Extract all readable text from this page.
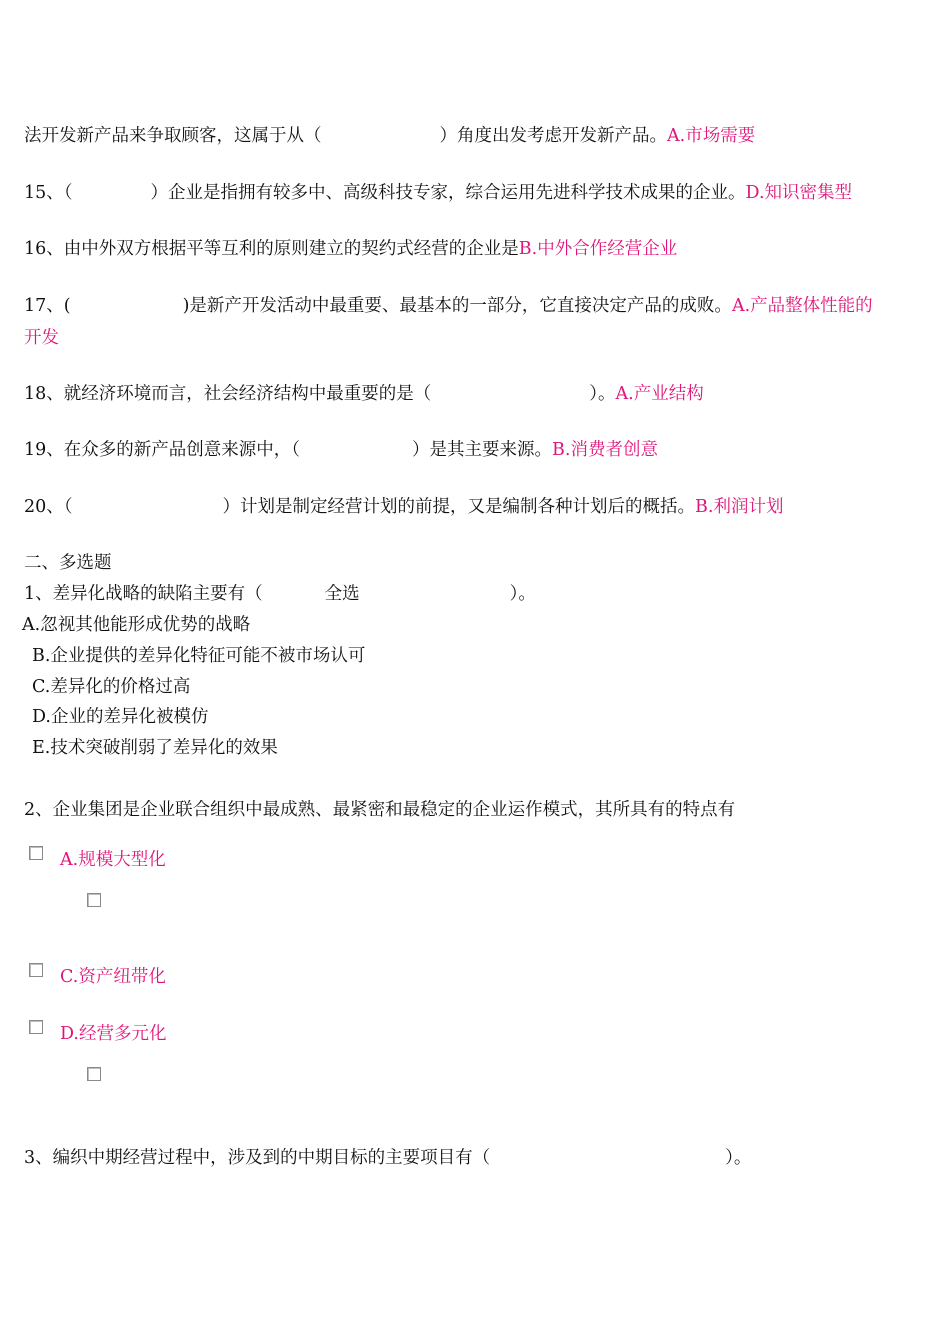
法开发新产品来争取顾客，这属于从（	）角度出发考虑开发新产品。A.市场需要
15、（	）企业是指拥有较多中、高级科技专家，综合运用先进科学技术成果的企业。D.知识密集型
16、由中外双方根据平等互利的原则建立的契约式经营的企业是B.中外合作经营企业
17、(	)是新产开发活动中最重要、最基本的一部分，它直接决定产品的成败。A.产品整体性能的
开发
18、就经济环境而言，社会经济结构中最重要的是（	）。A.产业结构
19、在众多的新产品创意来源中，（	）是其主要来源。B.消费者创意
20、（	）计划是制定经营计划的前提，又是编制各种计划后的概括。B.利润计划
二、多选题
1、差异化战略的缺陷主要有（	全选	）。
A.忽视其他能形成优势的战略
B.企业提供的差异化特征可能不被市场认可
C.差异化的价格过高
D.企业的差异化被模仿
E.技术突破削弱了差异化的效果
2、企业集团是企业联合组织中最成熟、最紧密和最稳定的企业运作模式，其所具有的特点有
A.规模大型化
C.资产纽带化
D.经营多元化
3、编织中期经营过程中，涉及到的中期目标的主要项目有（	）。
